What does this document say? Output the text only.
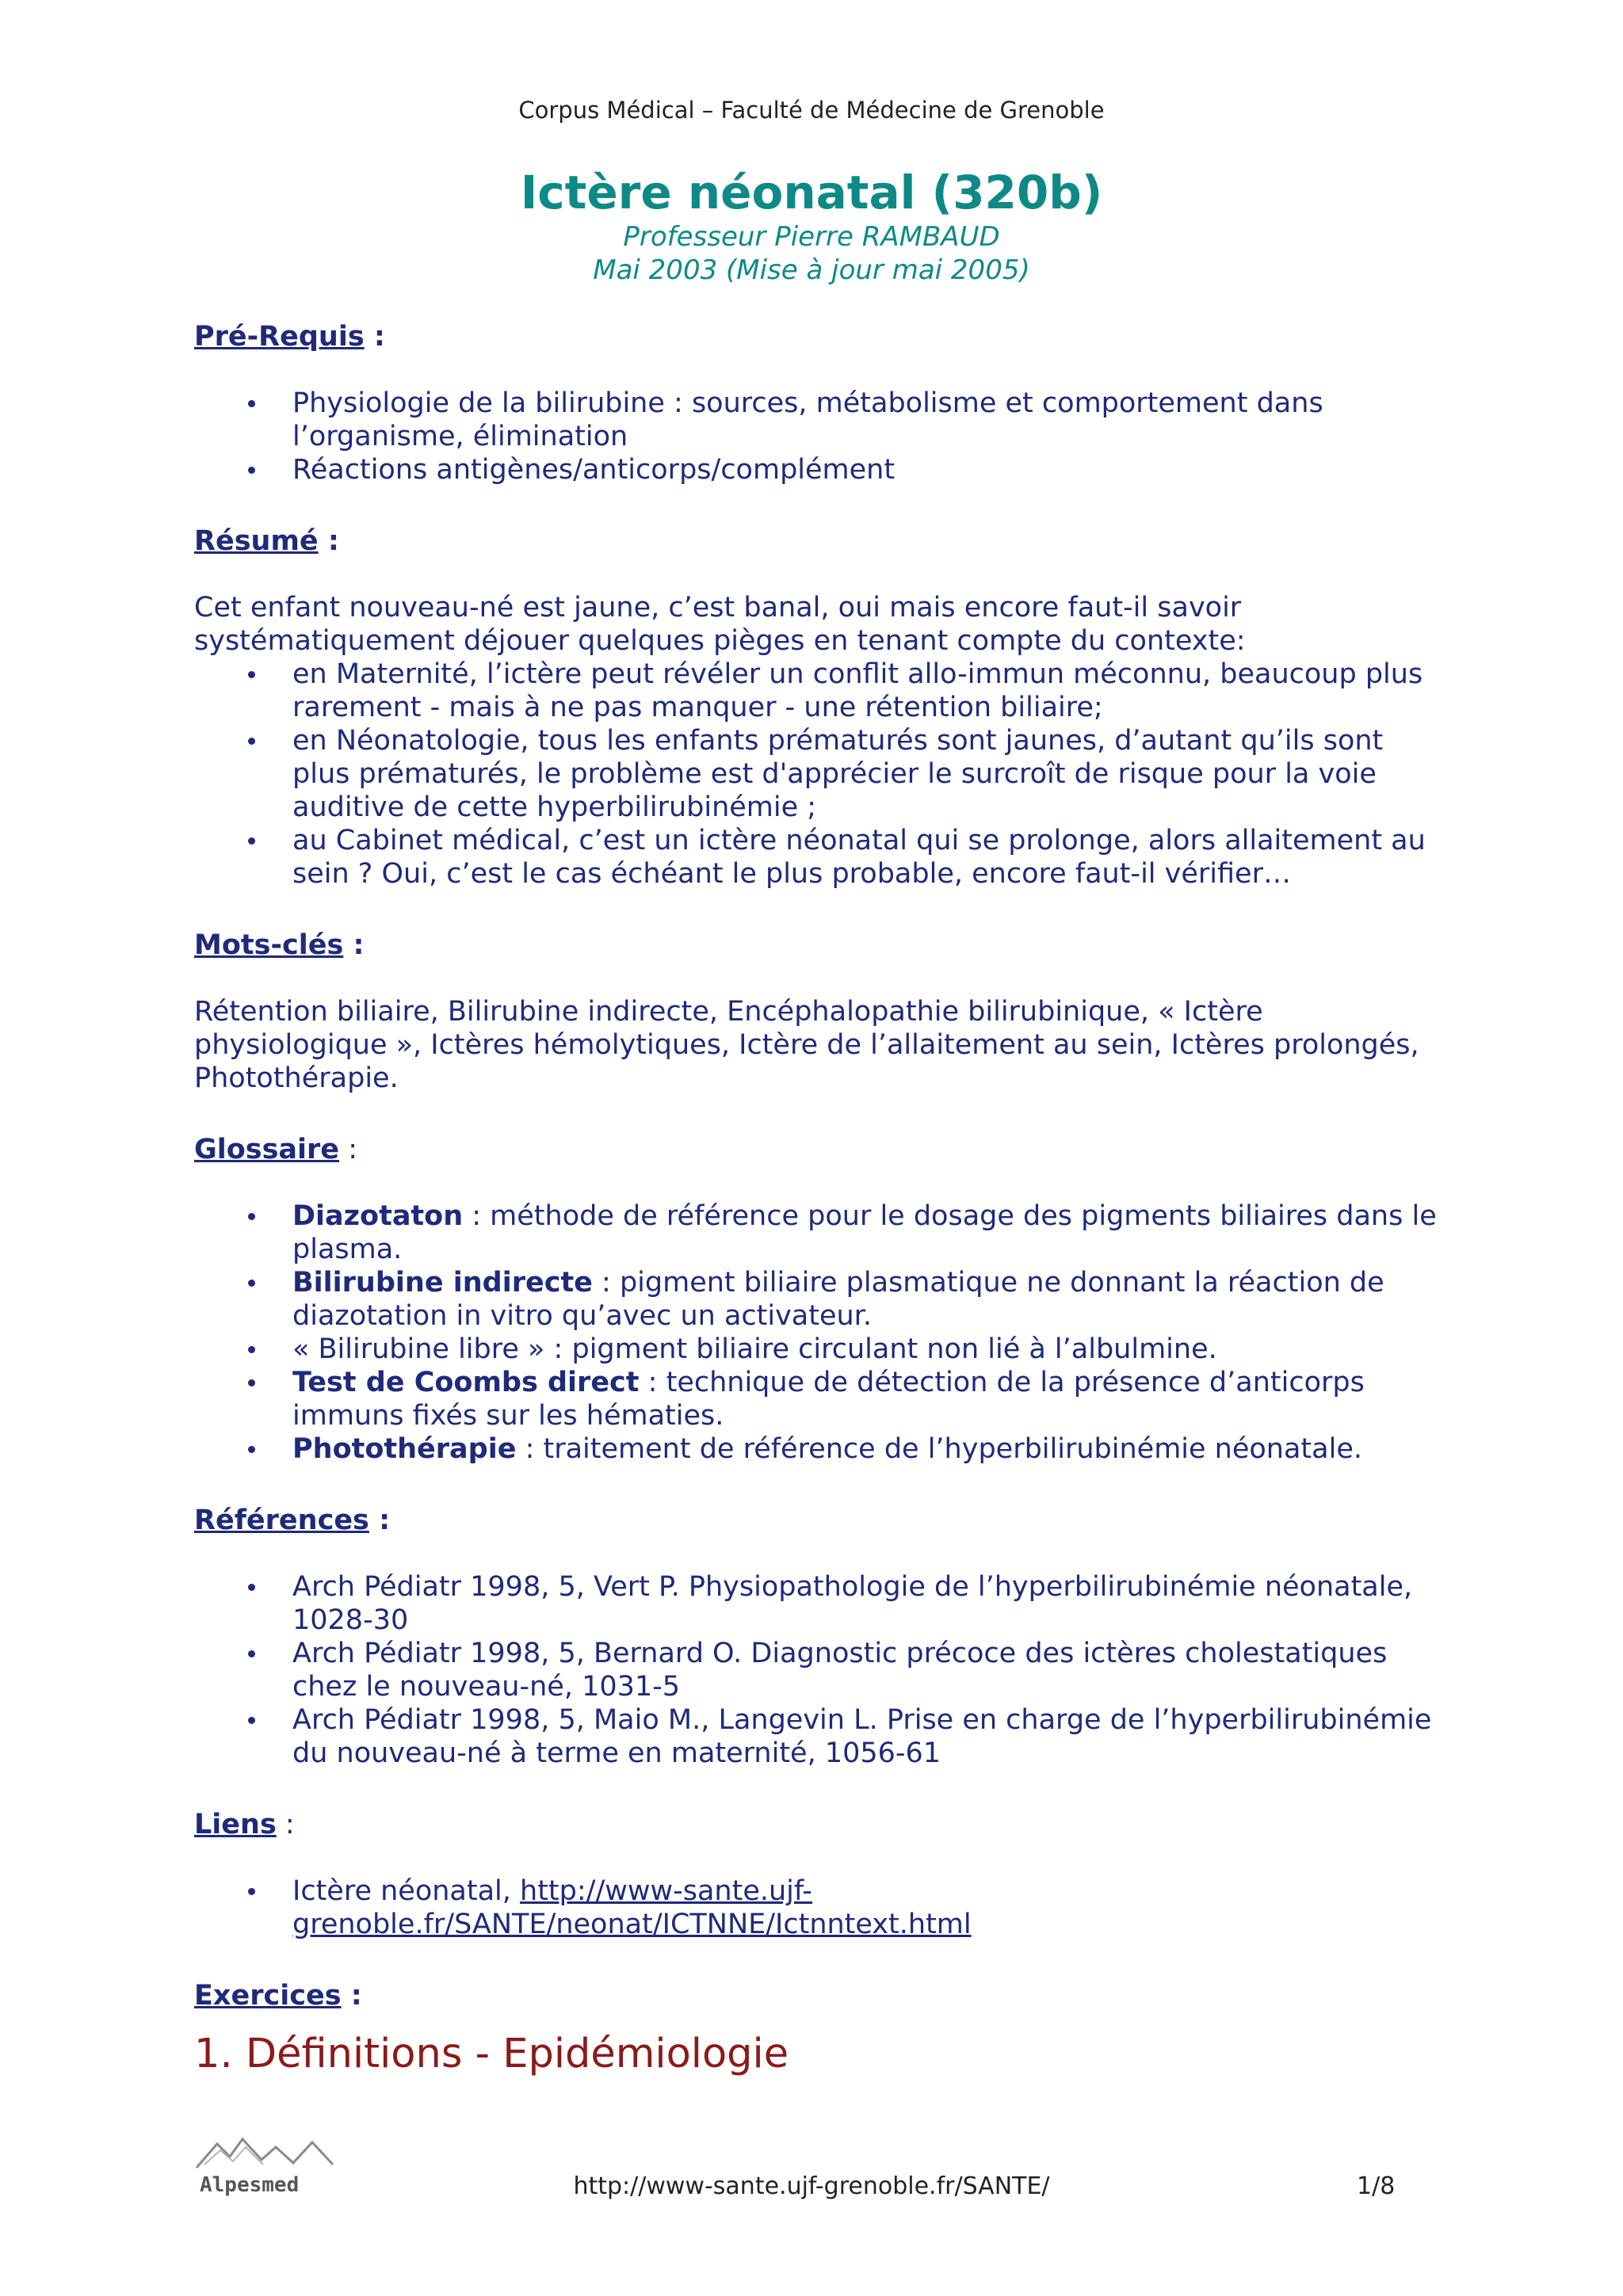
Corpus Médical – Faculté de Médecine de Grenoble
Ictère néonatal (320b)
Professeur Pierre RAMBAUD
Mai 2003 (Mise à jour mai 2005)

Pré-Requis :

Physiologie de la bilirubine : sources, métabolisme et comportement dans l’organisme, élimination
Réactions antigènes/anticorps/complément

Résumé :

Cet enfant nouveau-né est jaune, c’est banal, oui mais encore faut-il savoir systématiquement déjouer quelques pièges en tenant compte du contexte:
en Maternité, l’ictère peut révéler un conflit allo-immun méconnu, beaucoup plus rarement - mais à ne pas manquer - une rétention biliaire;
en Néonatologie, tous les enfants prématurés sont jaunes, d’autant qu’ils sont plus prématurés, le problème est d'apprécier le surcroît de risque pour la voie auditive de cette hyperbilirubinémie ;
au Cabinet médical, c’est un ictère néonatal qui se prolonge, alors allaitement au sein ? Oui, c’est le cas échéant le plus probable, encore faut-il vérifier…

Mots-clés :

Rétention biliaire, Bilirubine indirecte, Encéphalopathie bilirubinique, « Ictère physiologique », Ictères hémolytiques, Ictère de l’allaitement au sein, Ictères prolongés, Photothérapie.

Glossaire :

Diazotaton : méthode de référence pour le dosage des pigments biliaires dans le plasma.
Bilirubine indirecte : pigment biliaire plasmatique ne donnant la réaction de diazotation in vitro qu’avec un activateur.
« Bilirubine libre » : pigment biliaire circulant non lié à l’albulmine.
Test de Coombs direct : technique de détection de la présence d’anticorps immuns fixés sur les hématies.
Photothérapie : traitement de référence de l’hyperbilirubinémie néonatale.

Références :

Arch Pédiatr 1998, 5, Vert P. Physiopathologie de l’hyperbilirubinémie néonatale, 1028-30
Arch Pédiatr 1998, 5, Bernard O. Diagnostic précoce des ictères cholestatiques chez le nouveau-né, 1031-5
Arch Pédiatr 1998, 5, Maio M., Langevin L. Prise en charge de l’hyperbilirubinémie du nouveau-né à terme en maternité, 1056-61

Liens :

Ictère néonatal, http://www-sante.ujf-grenoble.fr/SANTE/neonat/ICTNNE/Ictnntext.html

Exercices :

1. Définitions - Epidémiologie
Alpesmed	http://www-sante.ujf-grenoble.fr/SANTE/	1/8
